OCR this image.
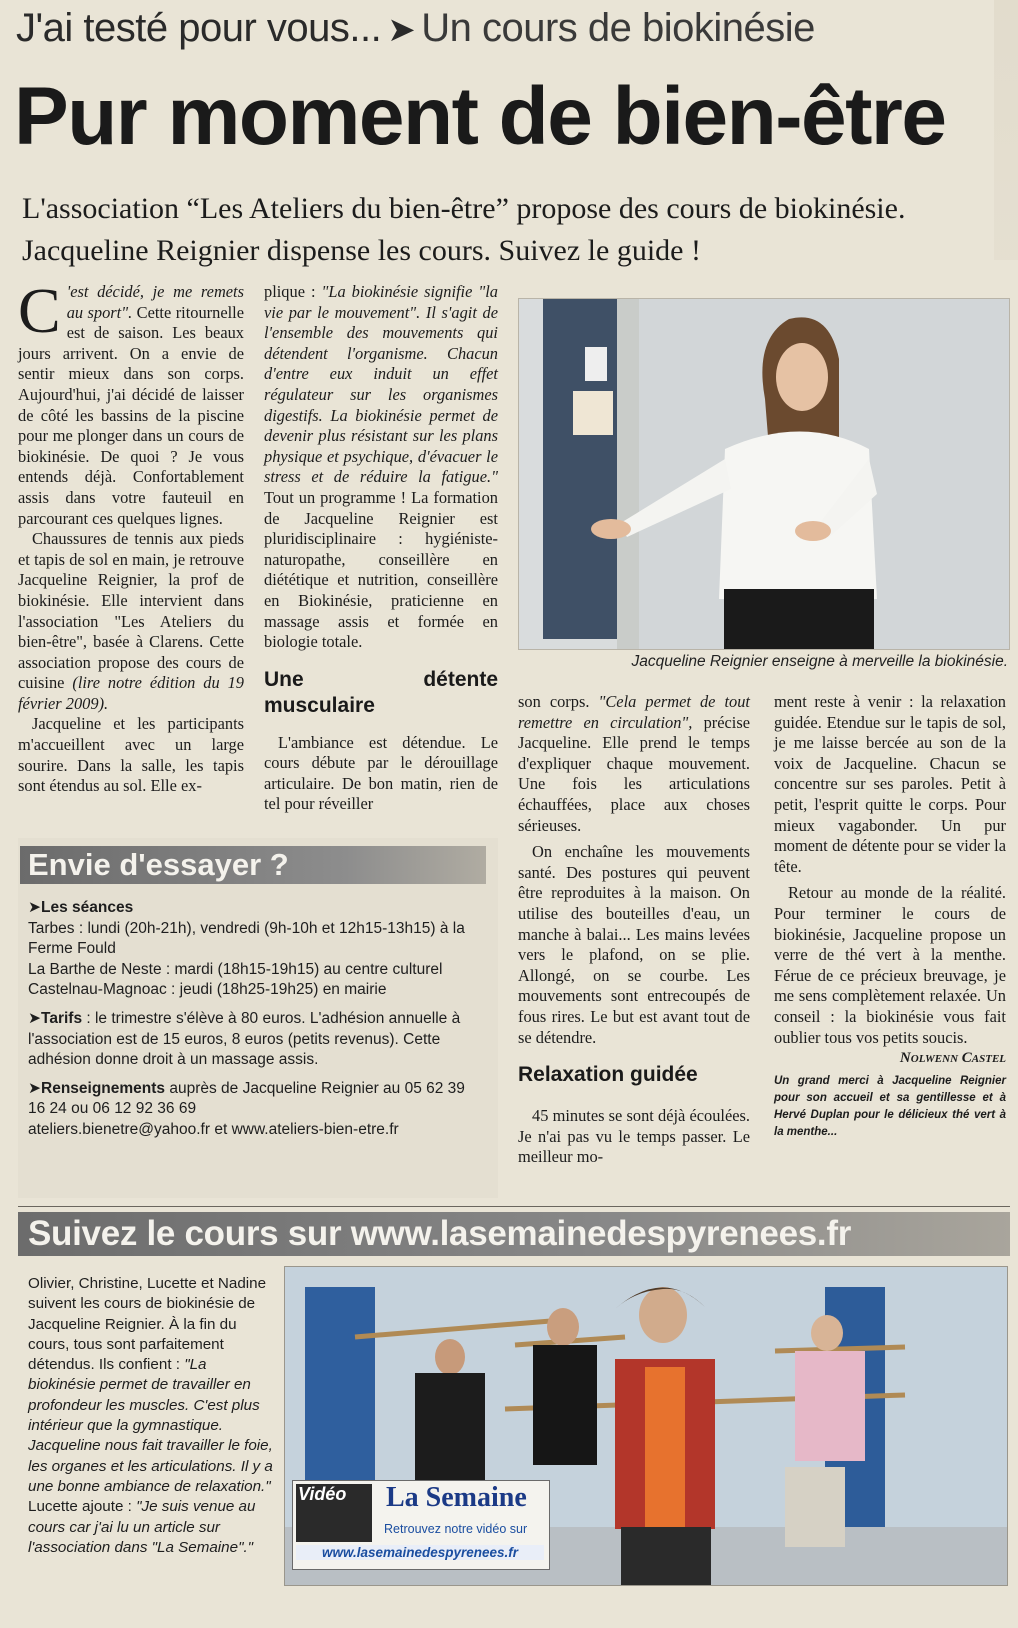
J'ai testé pour vous... ➤ Un cours de biokinésie
Pur moment de bien-être
L'association “Les Ateliers du bien-être” propose des cours de biokinésie. Jacqueline Reignier dispense les cours. Suivez le guide !

C 'est décidé, je me remets au sport". Cette ritournelle est de saison. Les beaux jours arrivent. On a envie de sentir mieux dans son corps. Aujourd'hui, j'ai décidé de laisser de côté les bassins de la piscine pour me plonger dans un cours de biokinésie. De quoi ? Je vous entends déjà. Confortablement assis dans votre fauteuil en parcourant ces quelques lignes.

Chaussures de tennis aux pieds et tapis de sol en main, je retrouve Jacqueline Reignier, la prof de biokinésie. Elle intervient dans l'association "Les Ateliers du bien-être", basée à Clarens. Cette association propose des cours de cuisine (lire notre édition du 19 février 2009).

Jacqueline et les participants m'accueillent avec un large sourire. Dans la salle, les tapis sont étendus au sol. Elle ex-

plique : "La biokinésie signifie "la vie par le mouvement". Il s'agit de l'ensemble des mouvements qui détendent l'organisme. Chacun d'entre eux induit un effet régulateur sur les organismes digestifs. La biokinésie permet de devenir plus résistant sur les plans physique et psychique, d'évacuer le stress et de réduire la fatigue." Tout un programme ! La formation de Jacqueline Reignier est pluridisciplinaire : hygiéniste-naturopathe, conseillère en diététique et nutrition, conseillère en Biokinésie, praticienne en massage assis et formée en biologie totale.

Une détente musculaire

L'ambiance est détendue. Le cours débute par le dérouillage articulaire. De bon matin, rien de tel pour réveiller

Jacqueline Reignier enseigne à merveille la biokinésie.

son corps. "Cela permet de tout remettre en circulation", précise Jacqueline. Elle prend le temps d'expliquer chaque mouvement. Une fois les articulations échauffées, place aux choses sérieuses.

On enchaîne les mouvements santé. Des postures qui peuvent être reproduites à la maison. On utilise des bouteilles d'eau, un manche à balai... Les mains levées vers le plafond, on se plie. Allongé, on se courbe. Les mouvements sont entrecoupés de fous rires. Le but est avant tout de se détendre.

Relaxation guidée

45 minutes se sont déjà écoulées. Je n'ai pas vu le temps passer. Le meilleur mo-

ment reste à venir : la relaxation guidée. Etendue sur le tapis de sol, je me laisse bercée au son de la voix de Jacqueline. Chacun se concentre sur ses paroles. Petit à petit, l'esprit quitte le corps. Pour mieux vagabonder. Un pur moment de détente pour se vider la tête.

Retour au monde de la réalité. Pour terminer le cours de biokinésie, Jacqueline propose un verre de thé vert à la menthe. Férue de ce précieux breuvage, je me sens complètement relaxée. Un conseil : la biokinésie vous fait oublier tous vos petits soucis.

Nolwenn Castel
Un grand merci à Jacqueline Reignier pour son accueil et sa gentillesse et à Hervé Duplan pour le délicieux thé vert à la menthe...
Envie d'essayer ?
➤Les séances
Tarbes : lundi (20h-21h), vendredi (9h-10h et 12h15-13h15) à la Ferme Fould
La Barthe de Neste : mardi (18h15-19h15) au centre culturel
Castelnau-Magnoac : jeudi (18h25-19h25) en mairie
➤Tarifs : le trimestre s'élève à 80 euros. L'adhésion annuelle à l'association est de 15 euros, 8 euros (petits revenus). Cette adhésion donne droit à un massage assis.
➤Renseignements auprès de Jacqueline Reignier au 05 62 39 16 24 ou 06 12 92 36 69
ateliers.bienetre@yahoo.fr et www.ateliers-bien-etre.fr
Suivez le cours sur www.lasemainedespyrenees.fr
Olivier, Christine, Lucette et Nadine suivent les cours de biokinésie de Jacqueline Reignier. À la fin du cours, tous sont parfaitement détendus. Ils confient : "La biokinésie permet de travailler en profondeur les muscles. C'est plus intérieur que la gymnastique. Jacqueline nous fait travailler le foie, les organes et les articulations. Il y a une bonne ambiance de relaxation." Lucette ajoute : "Je suis venue au cours car j'ai lu un article sur l'association dans "La Semaine"."
Vidéo La Semaine
Retrouvez notre vidéo sur
www.lasemainedespyrenees.fr
